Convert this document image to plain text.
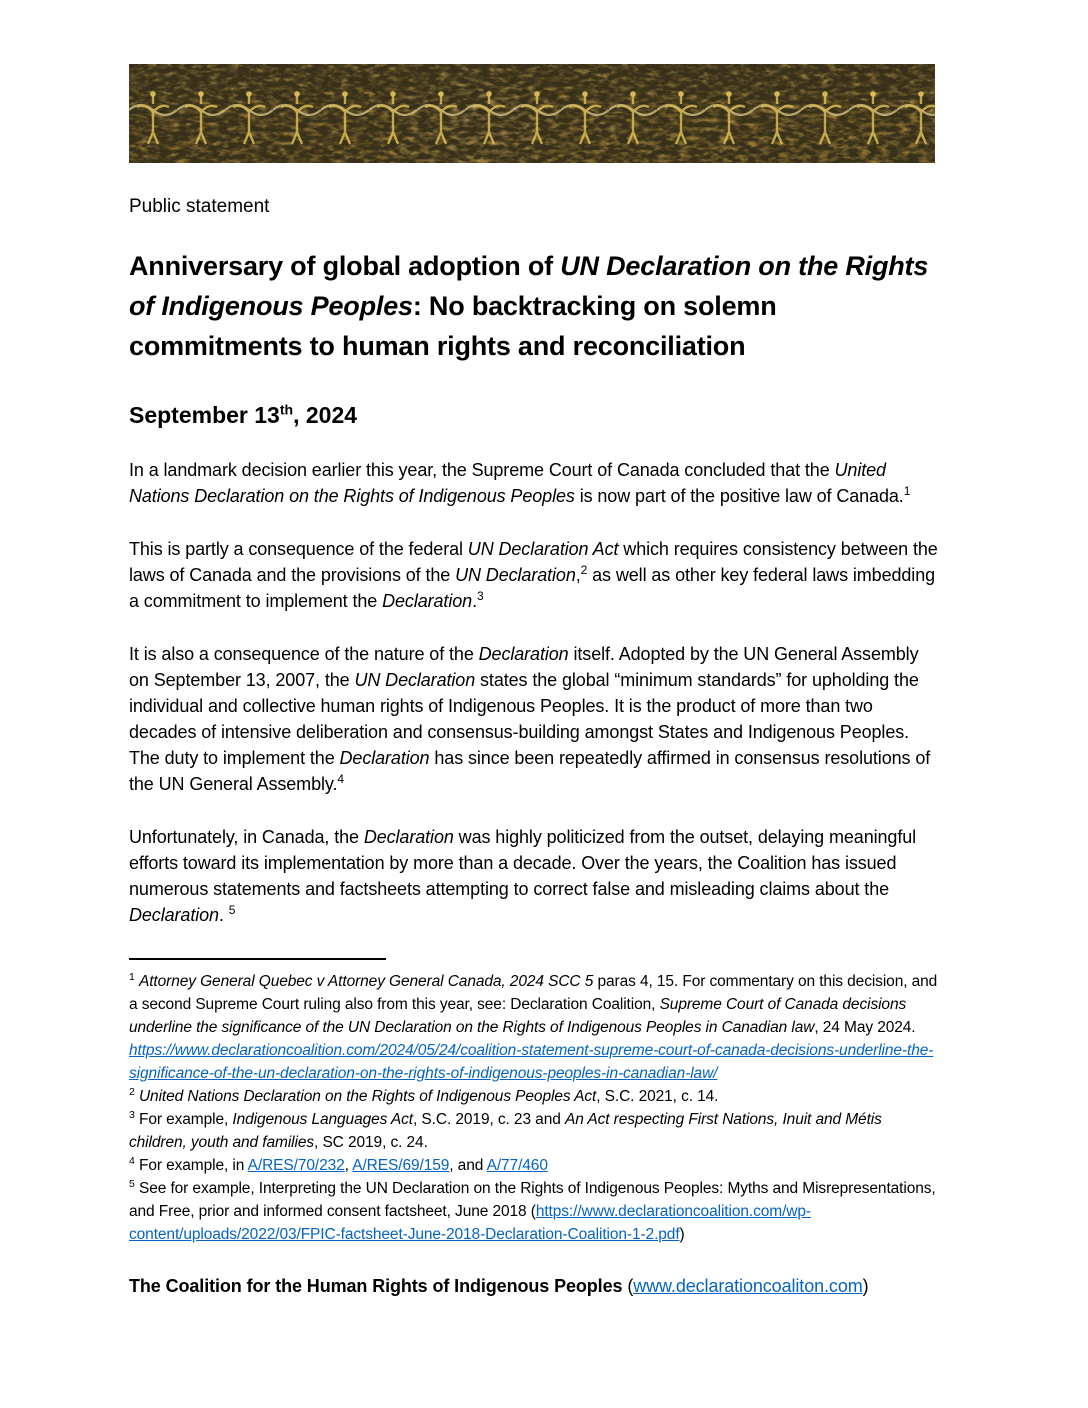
Public statement

Anniversary of global adoption of UN Declaration on the Rights of Indigenous Peoples: No backtracking on solemn commitments to human rights and reconciliation
September 13th, 2024

In a landmark decision earlier this year, the Supreme Court of Canada concluded that the United Nations Declaration on the Rights of Indigenous Peoples is now part of the positive law of Canada.$^1$

This is partly a consequence of the federal UN Declaration Act which requires consistency between the laws of Canada and the provisions of the UN Declaration,$^2$ as well as other key federal laws imbedding a commitment to implement the Declaration.$^3$

It is also a consequence of the nature of the Declaration itself. Adopted by the UN General Assembly on September 13, 2007, the UN Declaration states the global “minimum standards” for upholding the individual and collective human rights of Indigenous Peoples. It is the product of more than two decades of intensive deliberation and consensus-building amongst States and Indigenous Peoples. The duty to implement the Declaration has since been repeatedly affirmed in consensus resolutions of the UN General Assembly.$^4$

Unfortunately, in Canada, the Declaration was highly politicized from the outset, delaying meaningful efforts toward its implementation by more than a decade. Over the years, the Coalition has issued numerous statements and factsheets attempting to correct false and misleading claims about the Declaration. $^5$

$^1$ Attorney General Quebec v Attorney General Canada, 2024 SCC 5 paras 4, 15. For commentary on this decision, and a second Supreme Court ruling also from this year, see: Declaration Coalition, Supreme Court of Canada decisions underline the significance of the UN Declaration on the Rights of Indigenous Peoples in Canadian law, 24 May 2024. https://www.declarationcoalition.com/2024/05/24/coalition-statement-supreme-court-of-canada-decisions-underline-the-significance-of-the-un-declaration-on-the-rights-of-indigenous-peoples-in-canadian-law/

$^2$ United Nations Declaration on the Rights of Indigenous Peoples Act, S.C. 2021, c. 14.

$^3$ For example, Indigenous Languages Act, S.C. 2019, c. 23 and An Act respecting First Nations, Inuit and Métis children, youth and families, SC 2019, c. 24.

$^4$ For example, in A/RES/70/232, A/RES/69/159, and A/77/460

$^5$ See for example, Interpreting the UN Declaration on the Rights of Indigenous Peoples: Myths and Misrepresentations, and Free, prior and informed consent factsheet, June 2018 (https://www.declarationcoalition.com/wp-content/uploads/2022/03/FPIC-factsheet-June-2018-Declaration-Coalition-1-2.pdf)

The Coalition for the Human Rights of Indigenous Peoples (www.declarationcoaliton.com)
